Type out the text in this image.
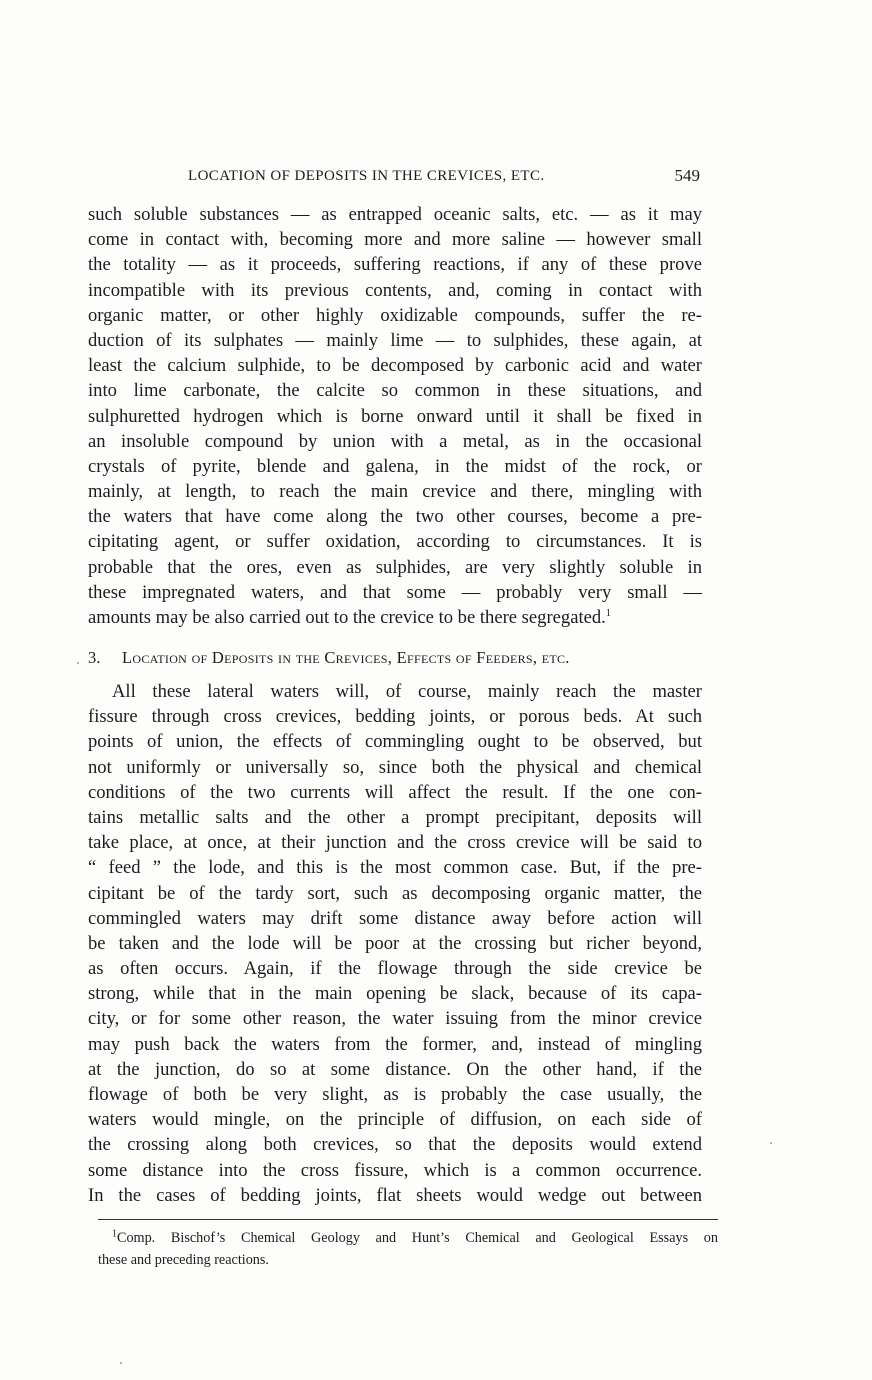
LOCATION OF DEPOSITS IN THE CREVICES, ETC.	549
such soluble substances — as entrapped oceanic salts, etc. — as it may
come in contact with, becoming more and more saline — however small
the totality — as it proceeds, suffering reactions, if any of these prove
incompatible with its previous contents, and, coming in contact with
organic matter, or other highly oxidizable compounds, suffer the re-
duction of its sulphates — mainly lime — to sulphides, these again, at
least the calcium sulphide, to be decomposed by carbonic acid and water
into lime carbonate, the calcite so common in these situations, and
sulphuretted hydrogen which is borne onward until it shall be fixed in
an insoluble compound by union with a metal, as in the occasional
crystals of pyrite, blende and galena, in the midst of the rock, or
mainly, at length, to reach the main crevice and there, mingling with
the waters that have come along the two other courses, become a pre-
cipitating agent, or suffer oxidation, according to circumstances. It is
probable that the ores, even as sulphides, are very slightly soluble in
these impregnated waters, and that some — probably very small —
amounts may be also carried out to the crevice to be there segregated.$^1$
3. Location of Deposits in the Crevices, Effects of Feeders, etc.
All these lateral waters will, of course, mainly reach the master
fissure through cross crevices, bedding joints, or porous beds. At such
points of union, the effects of commingling ought to be observed, but
not uniformly or universally so, since both the physical and chemical
conditions of the two currents will affect the result. If the one con-
tains metallic salts and the other a prompt precipitant, deposits will
take place, at once, at their junction and the cross crevice will be said to
“ feed ” the lode, and this is the most common case. But, if the pre-
cipitant be of the tardy sort, such as decomposing organic matter, the
commingled waters may drift some distance away before action will
be taken and the lode will be poor at the crossing but richer beyond,
as often occurs. Again, if the flowage through the side crevice be
strong, while that in the main opening be slack, because of its capa-
city, or for some other reason, the water issuing from the minor crevice
may push back the waters from the former, and, instead of mingling
at the junction, do so at some distance. On the other hand, if the
flowage of both be very slight, as is probably the case usually, the
waters would mingle, on the principle of diffusion, on each side of
the crossing along both crevices, so that the deposits would extend
some distance into the cross fissure, which is a common occurrence.
In the cases of bedding joints, flat sheets would wedge out between
$^1$Comp. Bischof’s Chemical Geology and Hunt’s Chemical and Geological Essays on
these and preceding reactions.
